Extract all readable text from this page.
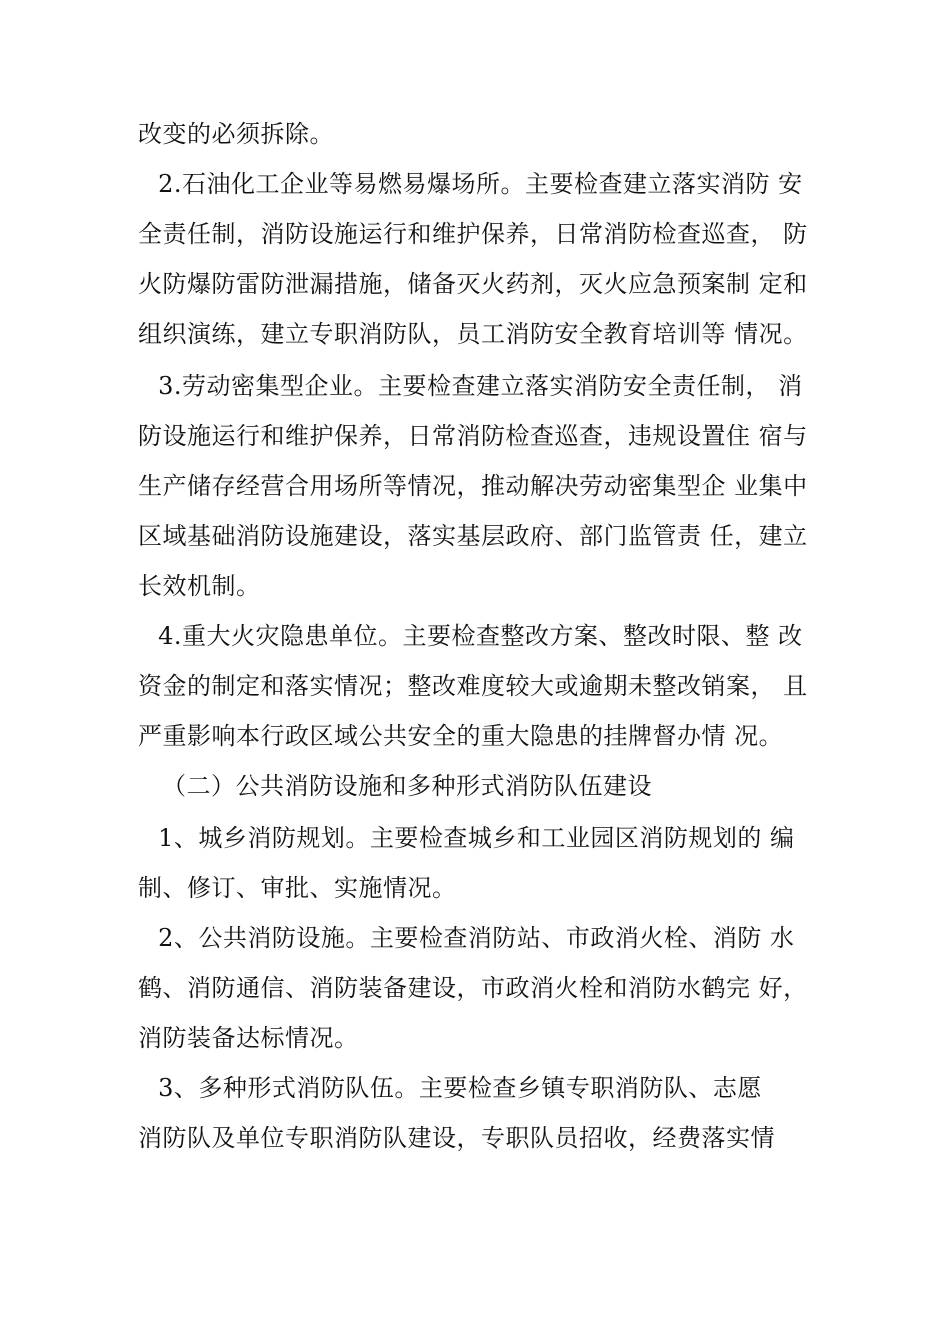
改变的必须拆除。
2.石油化工企业等易燃易爆场所。主要检查建立落实消防 安
全责任制，消防设施运行和维护保养，日常消防检查巡查， 防
火防爆防雷防泄漏措施，储备灭火药剂，灭火应急预案制 定和
组织演练，建立专职消防队，员工消防安全教育培训等 情况。
3.劳动密集型企业。主要检查建立落实消防安全责任制， 消
防设施运行和维护保养，日常消防检查巡查，违规设置住 宿与
生产储存经营合用场所等情况，推动解决劳动密集型企 业集中
区域基础消防设施建设，落实基层政府、部门监管责 任，建立
长效机制。
4.重大火灾隐患单位。主要检查整改方案、整改时限、整 改
资金的制定和落实情况；整改难度较大或逾期未整改销案， 且
严重影响本行政区域公共安全的重大隐患的挂牌督办情 况。
（二）公共消防设施和多种形式消防队伍建设
1、城乡消防规划。主要检查城乡和工业园区消防规划的 编
制、修订、审批、实施情况。
2、公共消防设施。主要检查消防站、市政消火栓、消防 水
鹤、消防通信、消防装备建设，市政消火栓和消防水鹤完 好，
消防装备达标情况。
3、多种形式消防队伍。主要检查乡镇专职消防队、志愿
消防队及单位专职消防队建设，专职队员招收，经费落实情
